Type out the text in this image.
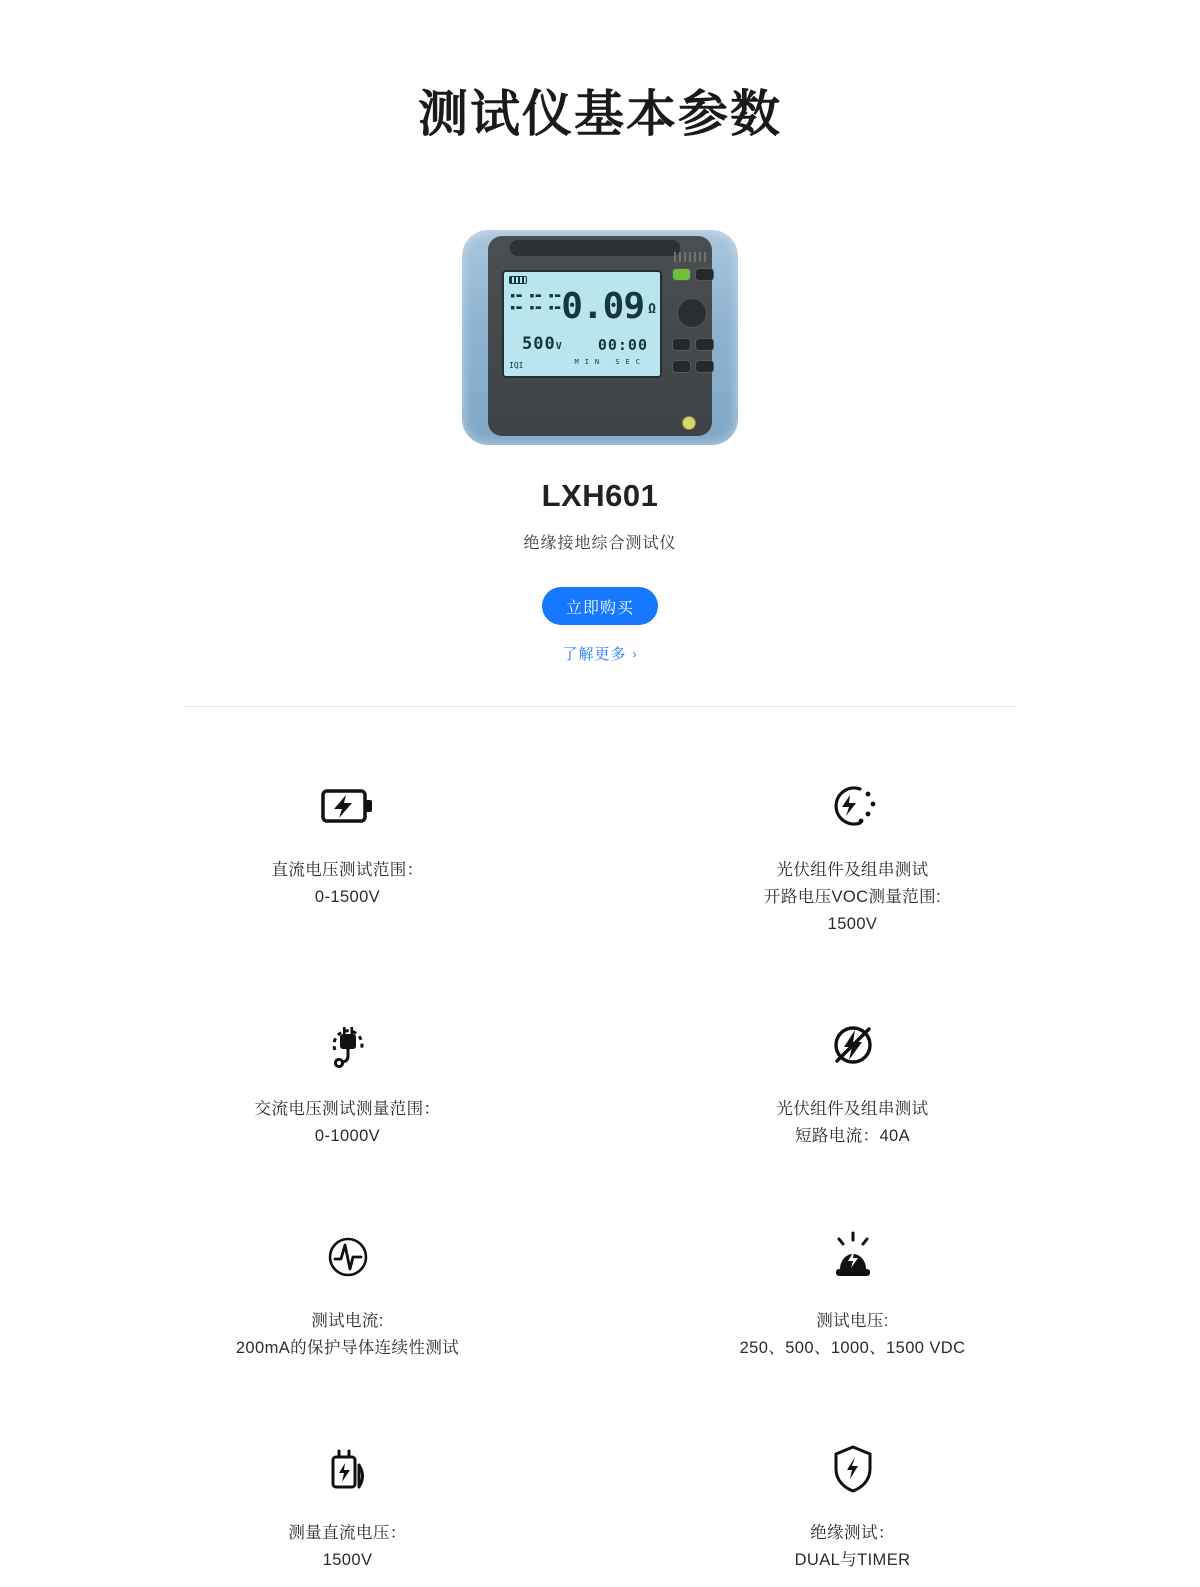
测试仪基本参数
▪▬ ▪▬ ▪▬
▪▬ ▪▬ ▪▬ 0.09 Ω
500V 00:00
MIN SEC
IQI
LXH601
绝缘接地综合测试仪
立即购买
了解更多 ›
直流电压测试范围：
0-1500V
光伏组件及组串测试
开路电压VOC测量范围:
1500V
交流电压测试测量范围：
0-1000V
光伏组件及组串测试
短路电流：40A
测试电流:
200mA的保护导体连续性测试
测试电压:
250、500、1000、1500 VDC
测量直流电压：
1500V
绝缘测试：
DUAL与TIMER
